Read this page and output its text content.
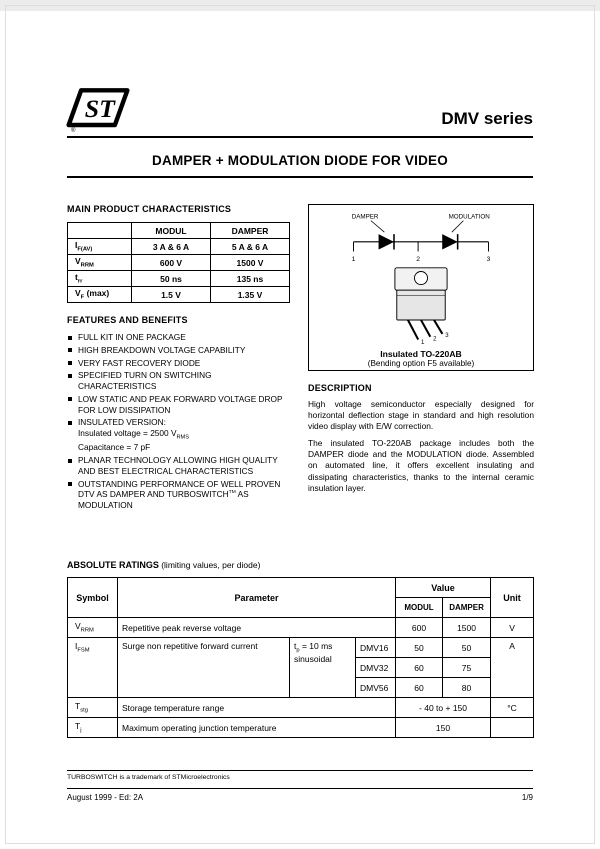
ST
®
DMV series
DAMPER + MODULATION DIODE FOR VIDEO
MAIN PRODUCT CHARACTERISTICS
	MODUL	DAMPER
$I_{F(AV)}$	3 A & 6 A	5 A & 6 A
$V_{RRM}$	600 V	1500 V
$t_{rr}$	50 ns	135 ns
$V_F$ (max)	1.5 V	1.35 V
FEATURES AND BENEFITS
FULL KIT IN ONE PACKAGE
HIGH BREAKDOWN VOLTAGE CAPABILITY
VERY FAST RECOVERY DIODE
SPECIFIED TURN ON SWITCHING CHARACTERISTICS
LOW STATIC AND PEAK FORWARD VOLTAGE DROP FOR LOW DISSIPATION
INSULATED VERSION:
Insulated voltage = 2500 $V_{RMS}$
Capacitance = 7 pF
PLANAR TECHNOLOGY ALLOWING HIGH QUALITY AND BEST ELECTRICAL CHARACTERISTICS
OUTSTANDING PERFORMANCE OF WELL PROVEN DTV AS DAMPER AND TURBOSWITCH™ AS MODULATION
DAMPER	MODULATION
1	2	3
1
2
3
Insulated TO-220AB
(Bending option F5 available)
DESCRIPTION

High voltage semiconductor especially designed for horizontal deflection stage in standard and high resolution video display with E/W correction.

The insulated TO-220AB package includes both the DAMPER diode and the MODULATION diode. Assembled on automated line, it offers excellent insulating and dissipating characteristics, thanks to the internal ceramic insulation layer.

ABSOLUTE RATINGS (limiting values, per diode)
Symbol	Parameter			Value		Unit
				MODUL	DAMPER	
$V_{RRM}$	Repetitive peak reverse voltage			600	1500	V
$I_{FSM}$	Surge non repetitive forward current	$t_p = 10$ ms
sinusoidal	DMV16	50	50	A
			DMV32	60	75	
			DMV56	60	80	
$T_{stg}$	Storage temperature range			- 40 to + 150		°C
$T_j$	Maximum operating junction temperature			150		
TURBOSWITCH is a trademark of STMicroelectronics
August 1999 - Ed: 2A	1/9
